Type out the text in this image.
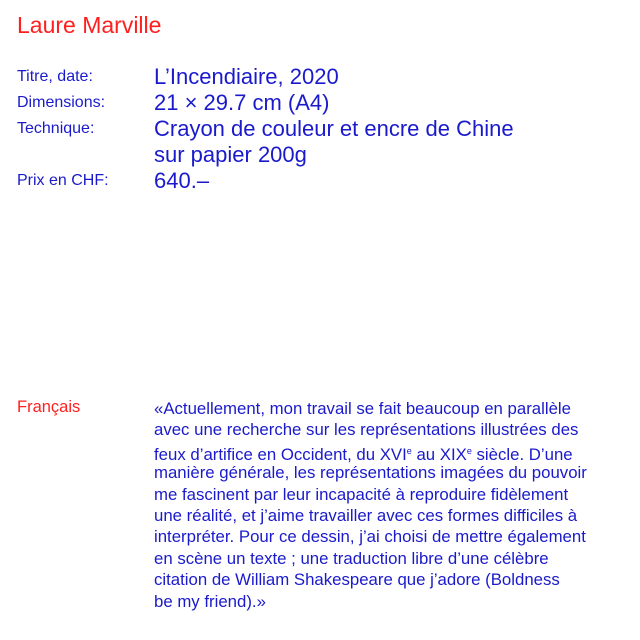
Laure Marville
Titre, date:	L’Incendiaire, 2020
Dimensions: 21 × 29.7 cm (A4)
Technique:	Crayon de couleur et encre de Chine
sur papier 200g
Prix en CHF: 640.–
Français	«Actuellement, mon travail se fait beaucoup en parallèle
avec une recherche sur les représentations illustrées des
feux d’artifice en Occident, du XVIe au XIXe siècle. D’une
manière générale, les représentations imagées du pouvoir
me fascinent par leur incapacité à reproduire fidèlement
une réalité, et j’aime travailler avec ces formes difficiles à
interpréter. Pour ce dessin, j’ai choisi de mettre également
en scène un texte ; une traduction libre d’une célèbre
citation de William Shakespeare que j’adore (Boldness
be my friend).»
